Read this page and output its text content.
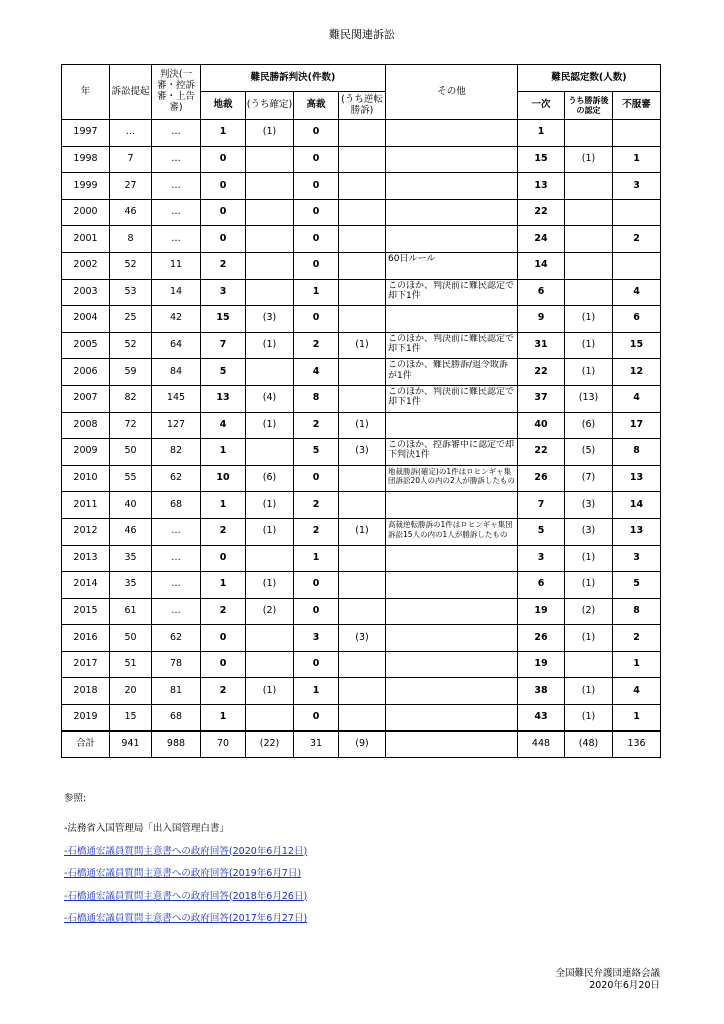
難民関連訴訟
年	訴訟提起	判決(一審・控訴審・上告審)	難民勝訴判決(件数)				その他	難民認定数(人数)		
			地裁	(うち確定)	高裁	(うち逆転勝訴)		一次	うち勝訴後の認定	不服審
1997	…	…	1	(1)	0			1		
1998	7	…	0		0			15	(1)	1
1999	27	…	0		0			13		3
2000	46	…	0		0			22		
2001	8	…	0		0			24		2
2002	52	11	2		0		60日ルール	14		
2003	53	14	3		1		このほか、判決前に難民認定で却下1件	6		4
2004	25	42	15	(3)	0			9	(1)	6
2005	52	64	7	(1)	2	(1)	このほか、判決前に難民認定で却下1件	31	(1)	15
2006	59	84	5		4		このほか、難民勝訴/退令敗訴が1件	22	(1)	12
2007	82	145	13	(4)	8		このほか、判決前に難民認定で却下1件	37	(13)	4
2008	72	127	4	(1)	2	(1)		40	(6)	17
2009	50	82	1		5	(3)	このほか、控訴審中に認定で却下判決1件	22	(5)	8
2010	55	62	10	(6)	0		地裁勝訴(確定)の1件はロヒンギャ集団訴訟20人の内の2人が勝訴したもの	26	(7)	13
2011	40	68	1	(1)	2			7	(3)	14
2012	46	…	2	(1)	2	(1)	高裁逆転勝訴の1件はロヒンギャ集団訴訟15人の内の1人が勝訴したもの	5	(3)	13
2013	35	…	0		1			3	(1)	3
2014	35	…	1	(1)	0			6	(1)	5
2015	61	…	2	(2)	0			19	(2)	8
2016	50	62	0		3	(3)		26	(1)	2
2017	51	78	0		0			19		1
2018	20	81	2	(1)	1			38	(1)	4
2019	15	68	1		0			43	(1)	1
合計	941	988	70	(22)	31	(9)		448	(48)	136
参照:
-法務省入国管理局「出入国管理白書」
-石橋通宏議員質問主意書への政府回答(2020年6月12日)
-石橋通宏議員質問主意書への政府回答(2019年6月7日)
-石橋通宏議員質問主意書への政府回答(2018年6月26日)
-石橋通宏議員質問主意書への政府回答(2017年6月27日)
全国難民弁護団連絡会議
2020年6月20日
